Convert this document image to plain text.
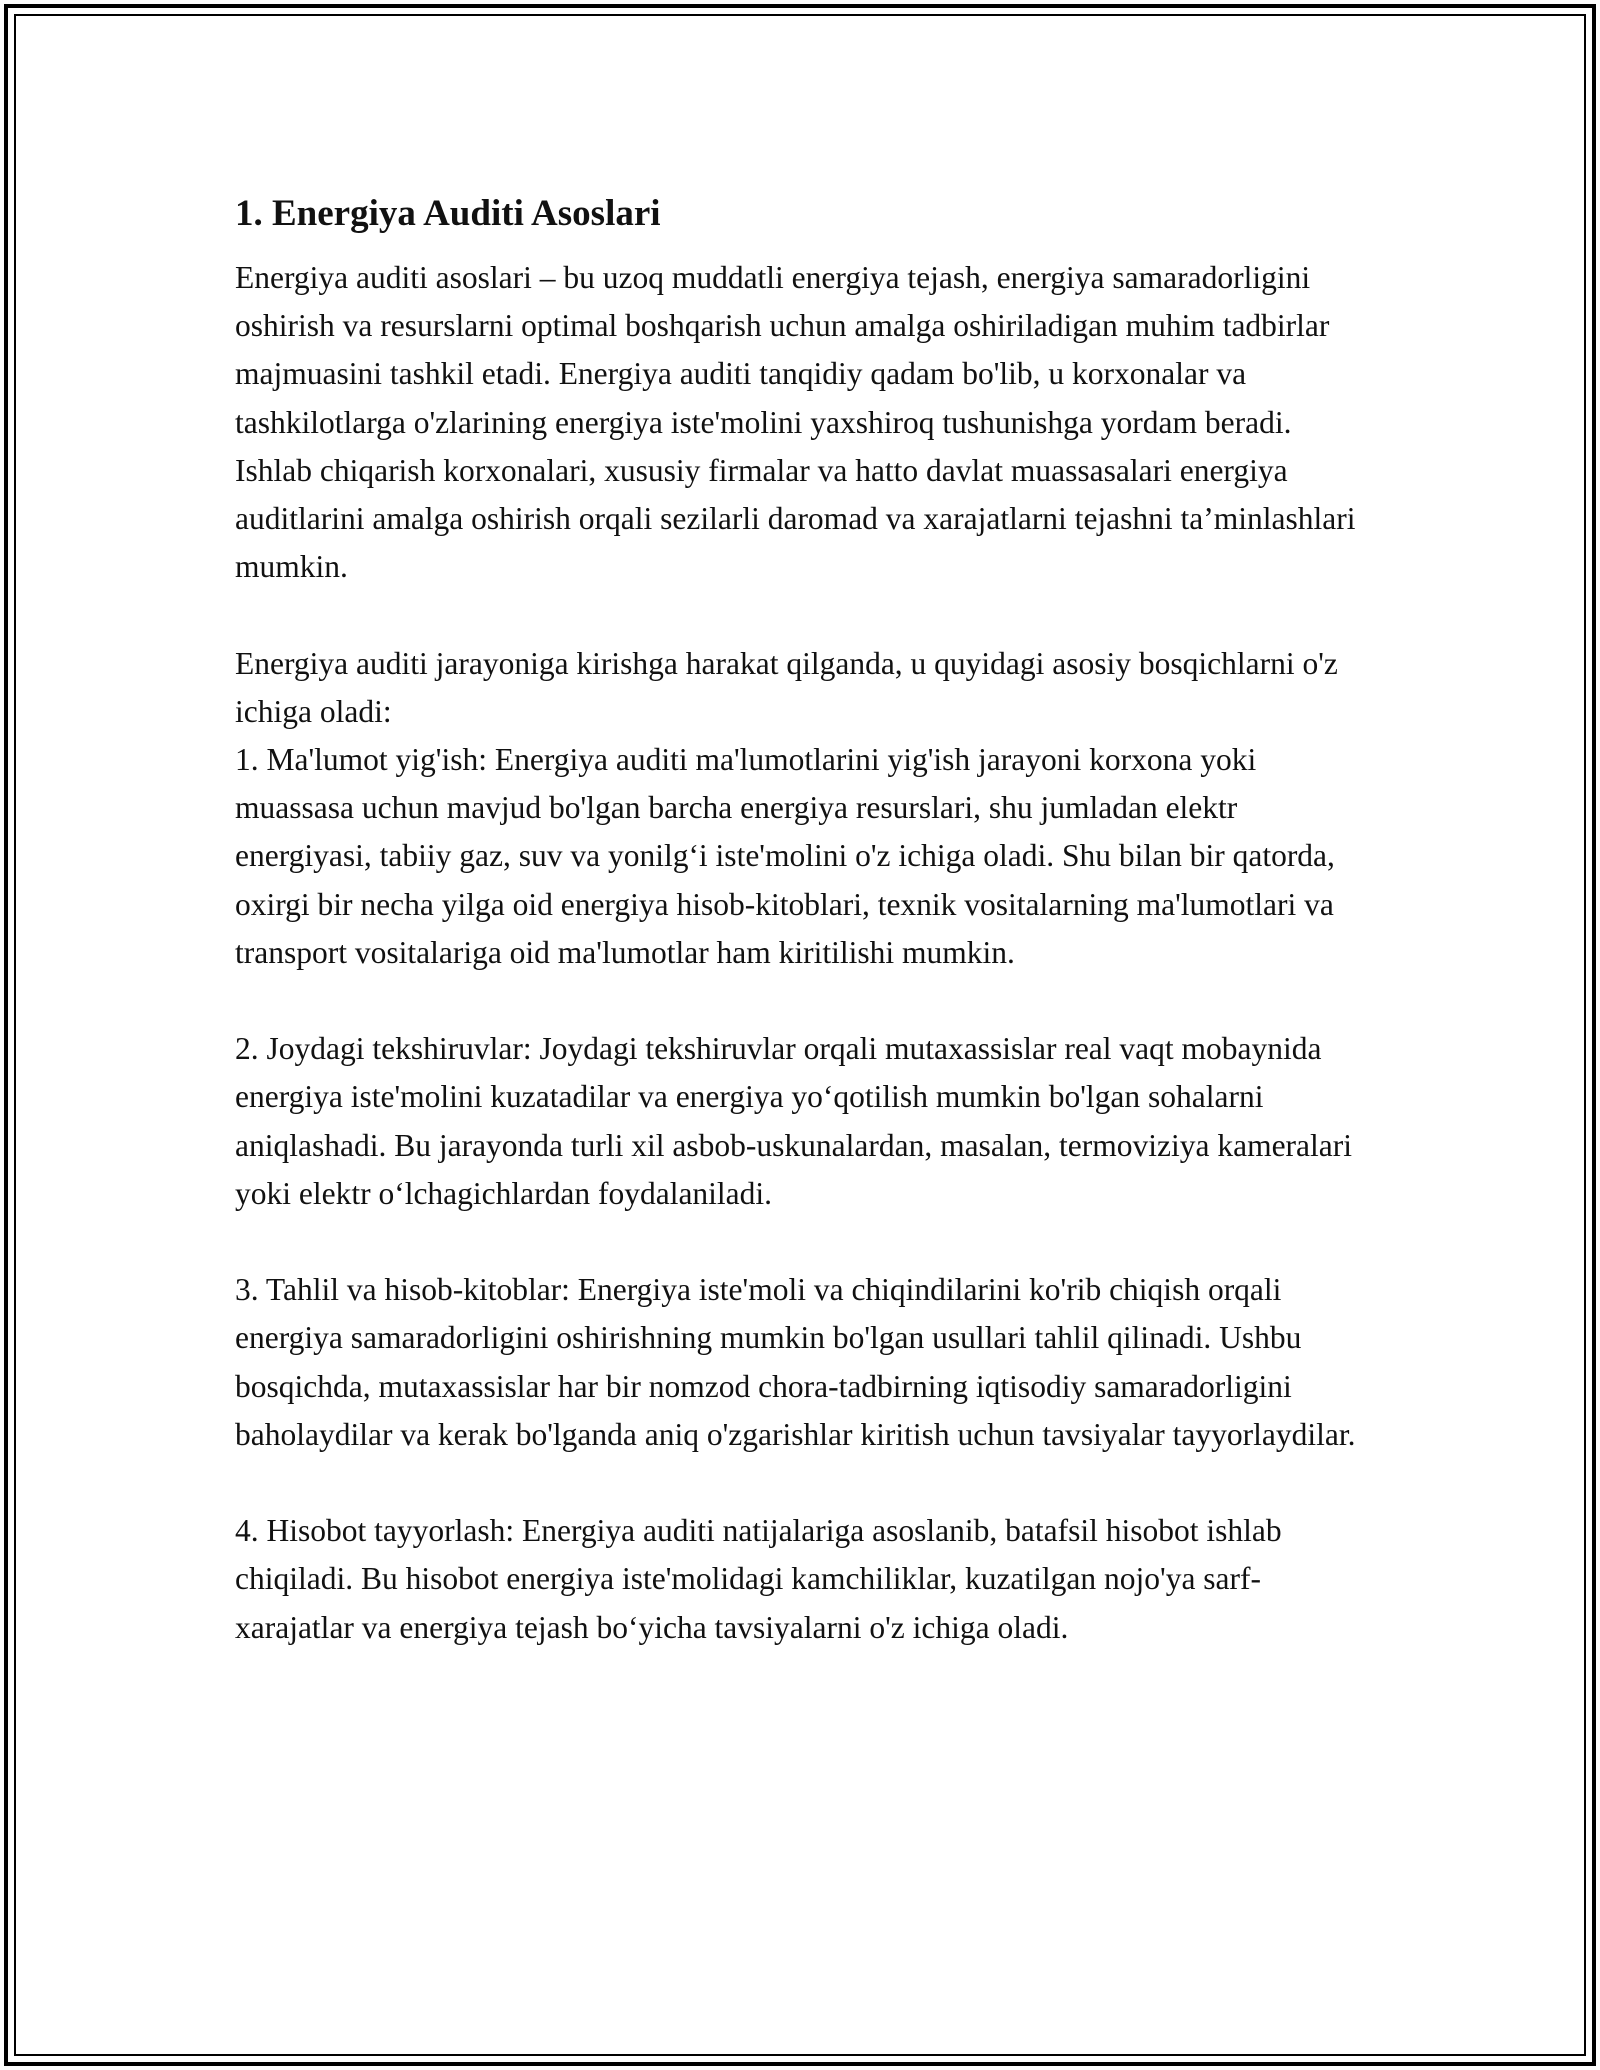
1. Energiya Auditi Asoslari

Energiya auditi asoslari – bu uzoq muddatli energiya tejash, energiya samaradorligini oshirish va resurslarni optimal boshqarish uchun amalga oshiriladigan muhim tadbirlar majmuasini tashkil etadi. Energiya auditi tanqidiy qadam bo'lib, u korxonalar va tashkilotlarga o'zlarining energiya iste'molini yaxshiroq tushunishga yordam beradi. Ishlab chiqarish korxonalari, xususiy firmalar va hatto davlat muassasalari energiya auditlarini amalga oshirish orqali sezilarli daromad va xarajatlarni tejashni ta’minlashlari mumkin.

Energiya auditi jarayoniga kirishga harakat qilganda, u quyidagi asosiy bosqichlarni o'z ichiga oladi:

1. Ma'lumot yig'ish: Energiya auditi ma'lumotlarini yig'ish jarayoni korxona yoki muassasa uchun mavjud bo'lgan barcha energiya resurslari, shu jumladan elektr energiyasi, tabiiy gaz, suv va yonilg‘i iste'molini o'z ichiga oladi. Shu bilan bir qatorda, oxirgi bir necha yilga oid energiya hisob-kitoblari, texnik vositalarning ma'lumotlari va transport vositalariga oid ma'lumotlar ham kiritilishi mumkin.

2. Joydagi tekshiruvlar: Joydagi tekshiruvlar orqali mutaxassislar real vaqt mobaynida energiya iste'molini kuzatadilar va energiya yo‘qotilish mumkin bo'lgan sohalarni aniqlashadi. Bu jarayonda turli xil asbob-uskunalardan, masalan, termoviziya kameralari yoki elektr o‘lchagichlardan foydalaniladi.

3. Tahlil va hisob-kitoblar: Energiya iste'moli va chiqindilarini ko'rib chiqish orqali energiya samaradorligini oshirishning mumkin bo'lgan usullari tahlil qilinadi. Ushbu bosqichda, mutaxassislar har bir nomzod chora-tadbirning iqtisodiy samaradorligini baholaydilar va kerak bo'lganda aniq o'zgarishlar kiritish uchun tavsiyalar tayyorlaydilar.

4. Hisobot tayyorlash: Energiya auditi natijalariga asoslanib, batafsil hisobot ishlab chiqiladi. Bu hisobot energiya iste'molidagi kamchiliklar, kuzatilgan nojo'ya sarf-xarajatlar va energiya tejash bo‘yicha tavsiyalarni o'z ichiga oladi.
